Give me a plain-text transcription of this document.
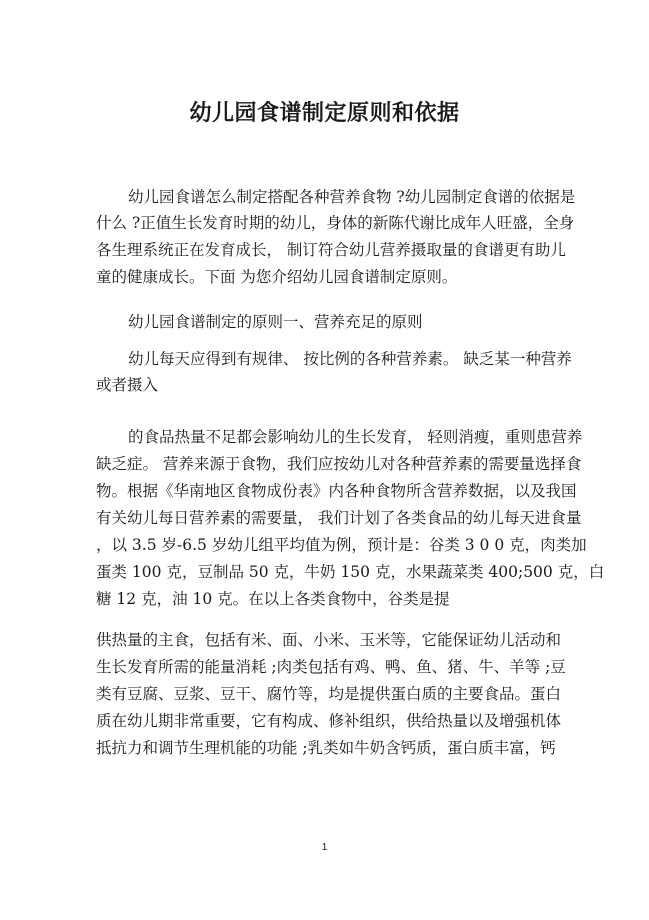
幼儿园食谱制定原则和依据

幼儿园食谱怎么制定搭配各种营养食物 ?幼儿园制定食谱的依据是

什么 ?正值生长发育时期的幼儿，身体的新陈代谢比成年人旺盛，全身

各生理系统正在发育成长， 制订符合幼儿营养摄取量的食谱更有助儿

童的健康成长。下面 为您介绍幼儿园食谱制定原则。

幼儿园食谱制定的原则一、营养充足的原则

幼儿每天应得到有规律、 按比例的各种营养素。 缺乏某一种营养

或者摄入

的食品热量不足都会影响幼儿的生长发育， 轻则消瘦，重则患营养

缺乏症。 营养来源于食物，我们应按幼儿对各种营养素的需要量选择食

物。根据《华南地区食物成份表》内各种食物所含营养数据，以及我国

有关幼儿每日营养素的需要量， 我们计划了各类食品的幼儿每天进食量

，以 3.5 岁-6.5 岁幼儿组平均值为例，预计是：谷类 3 0 0 克，肉类加

蛋类 100 克，豆制品 50 克，牛奶 150 克，水果蔬菜类 400;500 克，白

糖 12 克，油 10 克。在以上各类食物中，谷类是提

供热量的主食，包括有米、面、小米、玉米等，它能保证幼儿活动和

生长发育所需的能量消耗 ;肉类包括有鸡、鸭、鱼、猪、牛、羊等 ;豆

类有豆腐、豆浆、豆干、腐竹等，均是提供蛋白质的主要食品。蛋白

质在幼儿期非常重要，它有构成、修补组织，供给热量以及增强机体

抵抗力和调节生理机能的功能 ;乳类如牛奶含钙质，蛋白质丰富，钙

1
